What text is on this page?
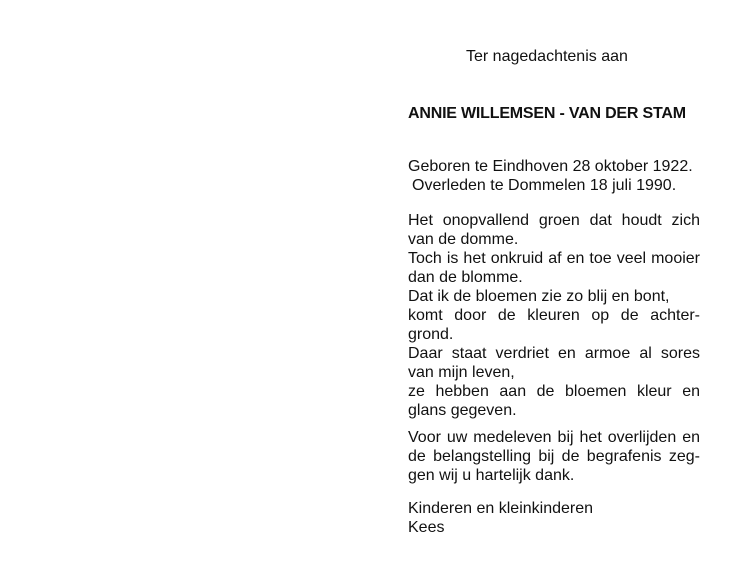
Ter nagedachtenis aan
ANNIE WILLEMSEN - VAN DER STAM
Geboren te Eindhoven 28 oktober 1922.
Overleden te Dommelen 18 juli 1990.
Het onopvallend groen dat houdt zich
van de domme.
Toch is het onkruid af en toe veel mooier
dan de blomme.
Dat ik de bloemen zie zo blij en bont,
komt door de kleuren op de achter-
grond.
Daar staat verdriet en armoe al sores
van mijn leven,
ze hebben aan de bloemen kleur en
glans gegeven.
Voor uw medeleven bij het overlijden en
de belangstelling bij de begrafenis zeg-
gen wij u hartelijk dank.
Kinderen en kleinkinderen
Kees
